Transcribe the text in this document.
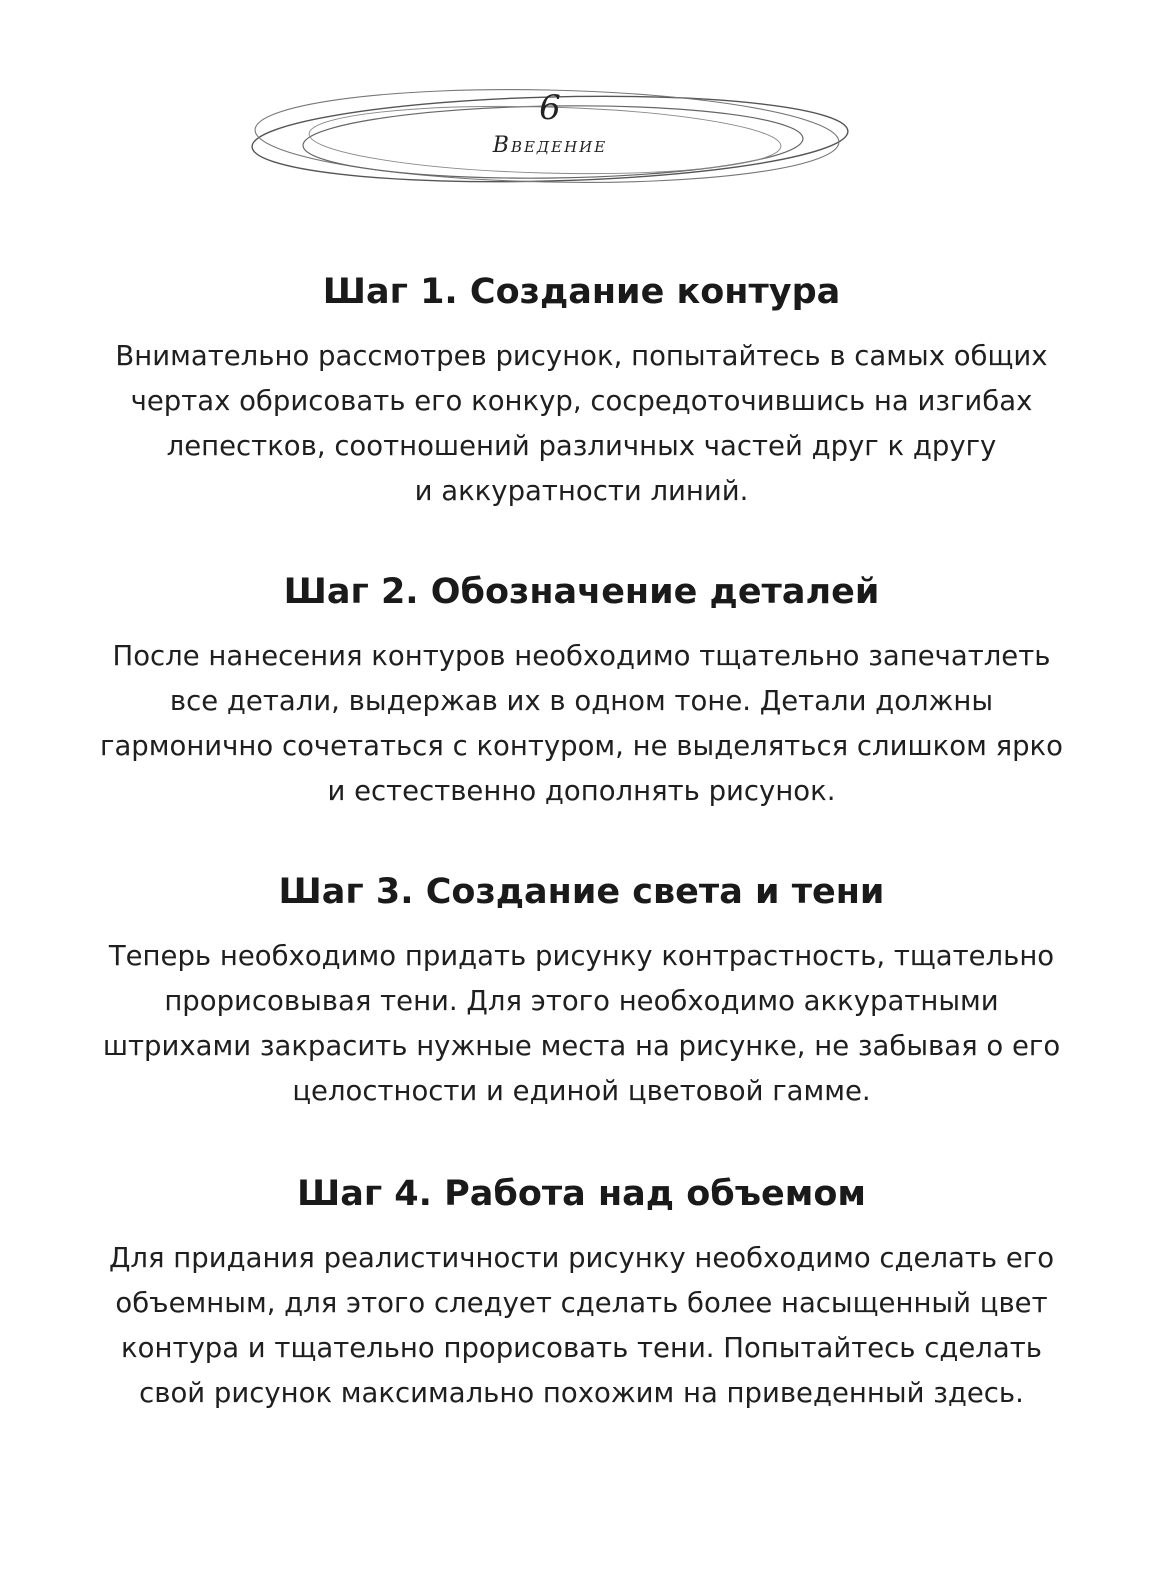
6
Введение
Шаг 1. Создание контура

Внимательно рассмотрев рисунок, попытайтесь в самых общих
чертах обрисовать его конкур, сосредоточившись на изгибах
лепестков, соотношений различных частей друг к другу
и аккуратности линий.

Шаг 2. Обозначение деталей

После нанесения контуров необходимо тщательно запечатлеть
все детали, выдержав их в одном тоне. Детали должны
гармонично сочетаться с контуром, не выделяться слишком ярко
и естественно дополнять рисунок.

Шаг 3. Создание света и тени

Теперь необходимо придать рисунку контрастность, тщательно
прорисовывая тени. Для этого необходимо аккуратными
штрихами закрасить нужные места на рисунке, не забывая о его
целостности и единой цветовой гамме.

Шаг 4. Работа над объемом

Для придания реалистичности рисунку необходимо сделать его
объемным, для этого следует сделать более насыщенный цвет
контура и тщательно прорисовать тени. Попытайтесь сделать
свой рисунок максимально похожим на приведенный здесь.
